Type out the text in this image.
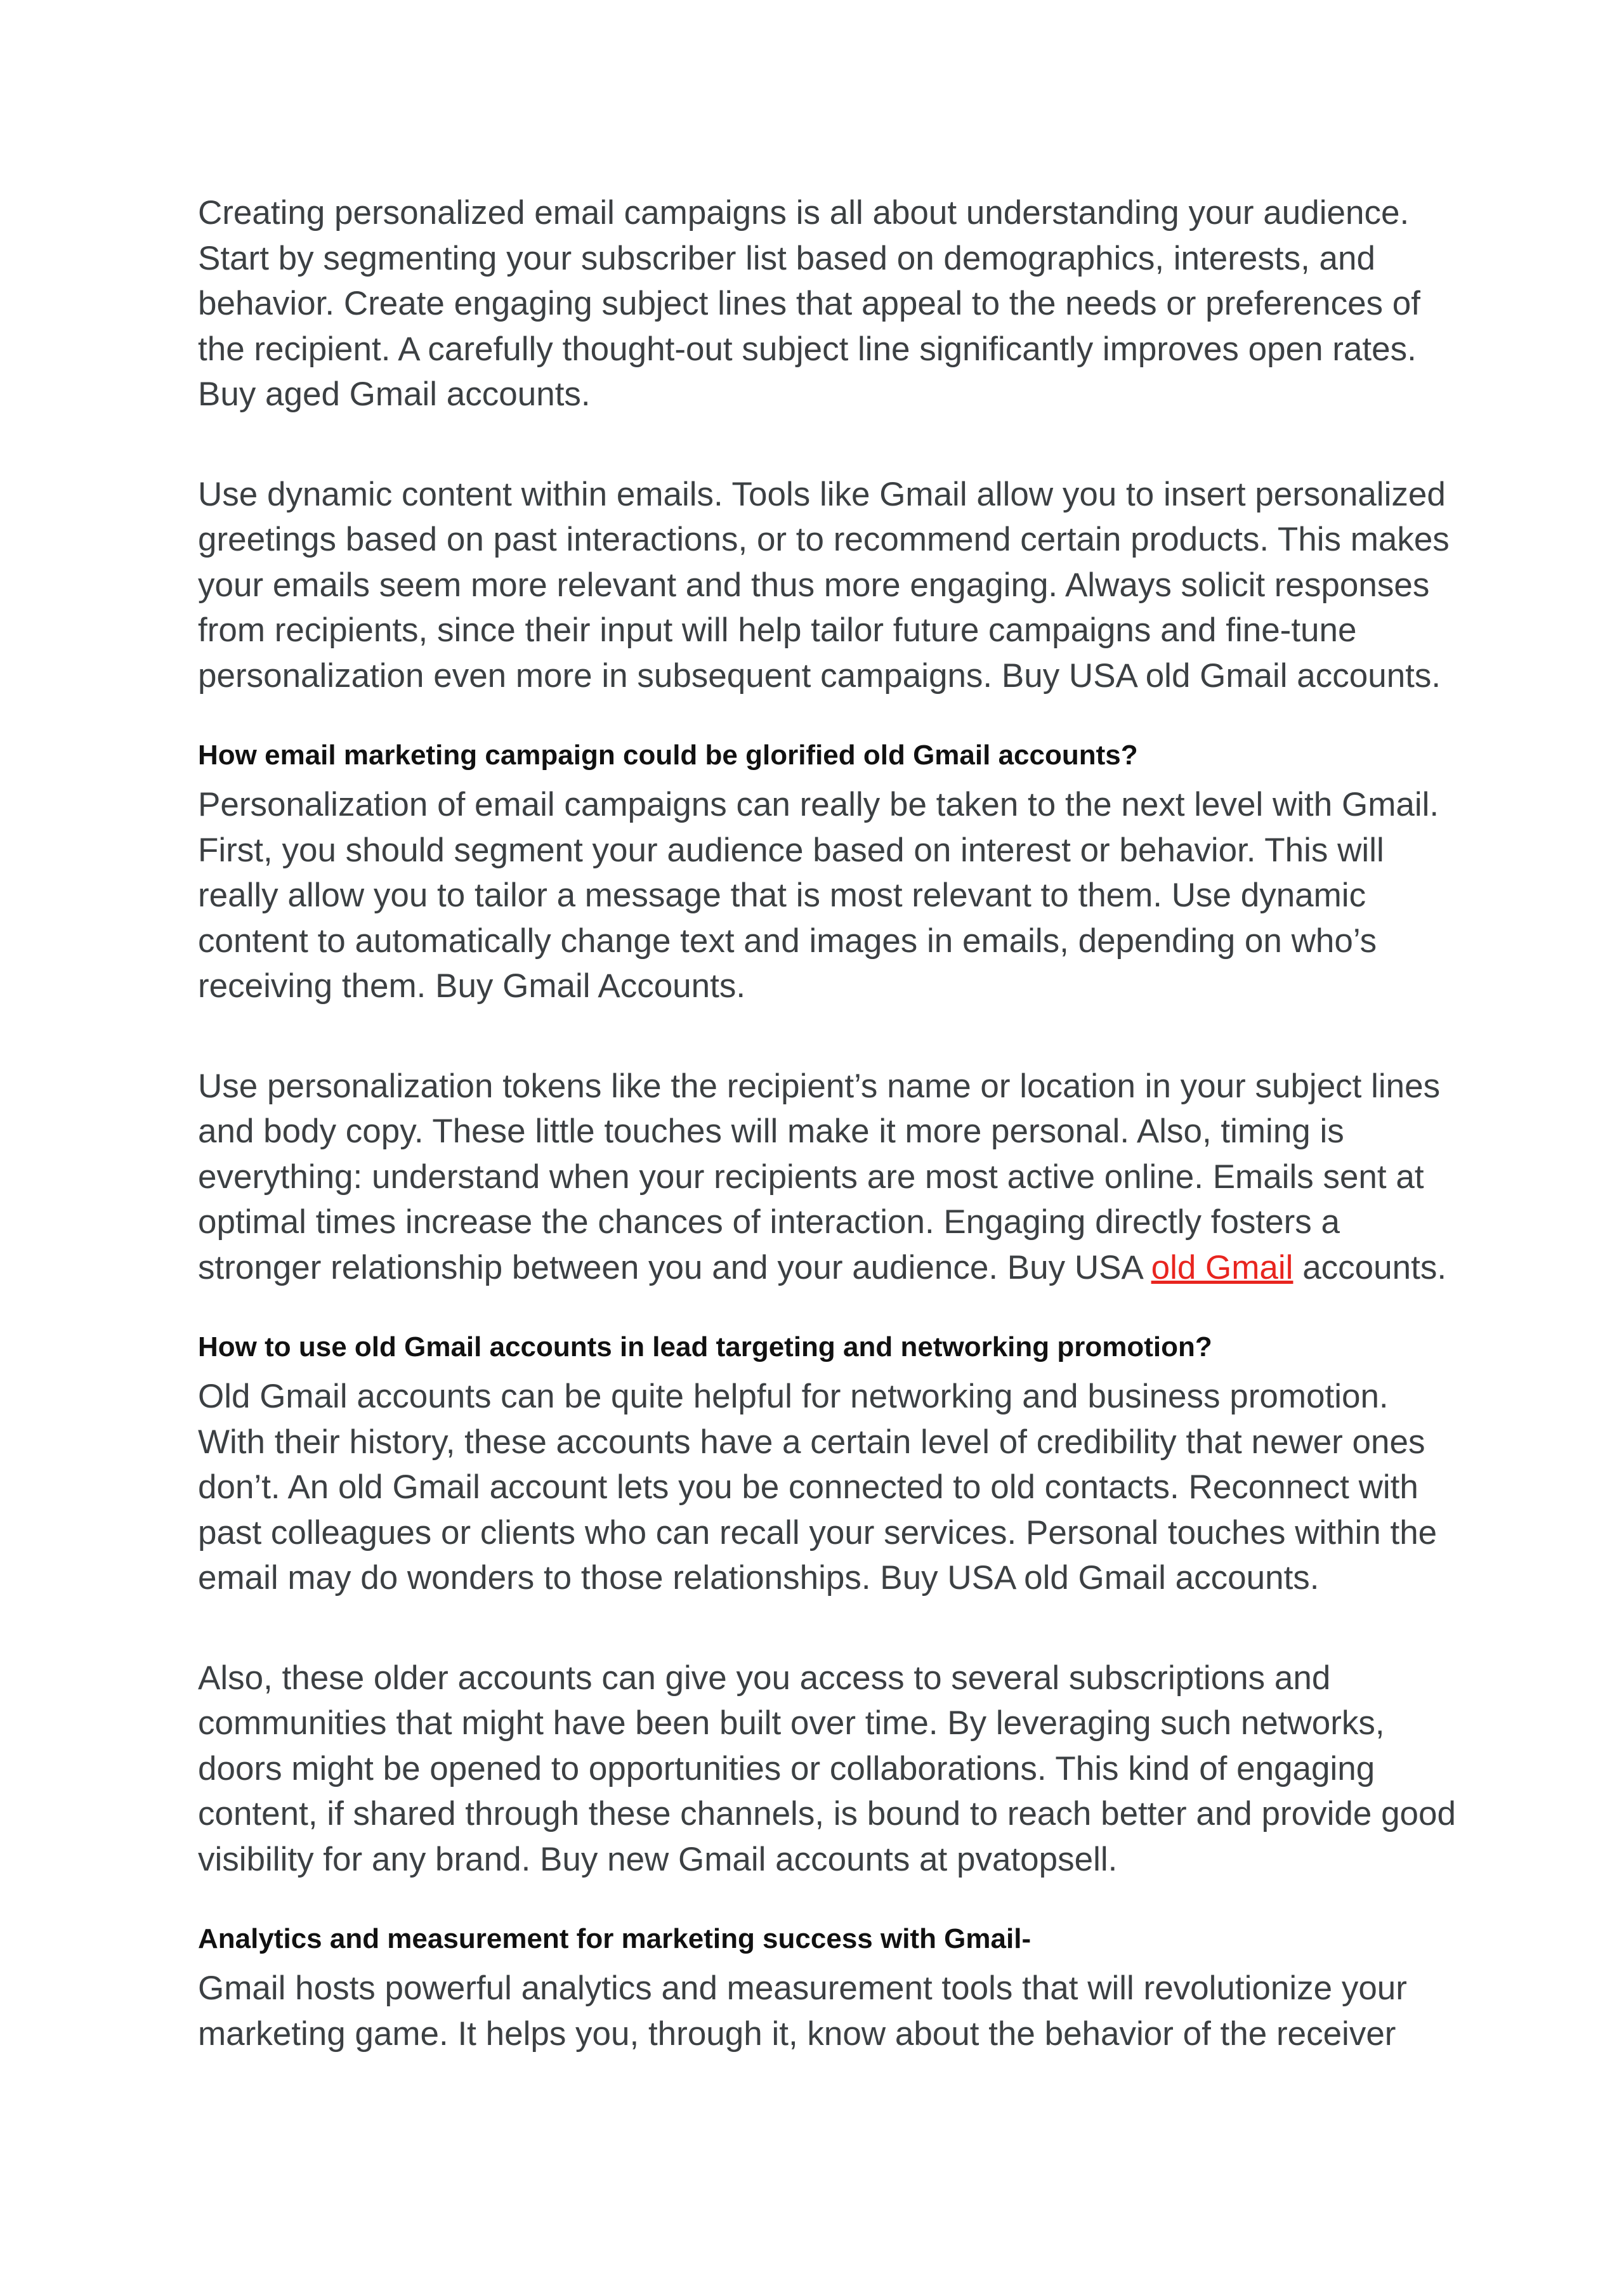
Creating personalized email campaigns is all about understanding your audience.
Start by segmenting your subscriber list based on demographics, interests, and
behavior. Create engaging subject lines that appeal to the needs or preferences of
the recipient. A carefully thought-out subject line significantly improves open rates.
Buy aged Gmail accounts.

Use dynamic content within emails. Tools like Gmail allow you to insert personalized
greetings based on past interactions, or to recommend certain products. This makes
your emails seem more relevant and thus more engaging. Always solicit responses
from recipients, since their input will help tailor future campaigns and fine-tune
personalization even more in subsequent campaigns. Buy USA old Gmail accounts.

How email marketing campaign could be glorified old Gmail accounts?

Personalization of email campaigns can really be taken to the next level with Gmail.
First, you should segment your audience based on interest or behavior. This will
really allow you to tailor a message that is most relevant to them. Use dynamic
content to automatically change text and images in emails, depending on who’s
receiving them. Buy Gmail Accounts.

Use personalization tokens like the recipient’s name or location in your subject lines
and body copy. These little touches will make it more personal. Also, timing is
everything: understand when your recipients are most active online. Emails sent at
optimal times increase the chances of interaction. Engaging directly fosters a
stronger relationship between you and your audience. Buy USA old Gmail accounts.

How to use old Gmail accounts in lead targeting and networking promotion?

Old Gmail accounts can be quite helpful for networking and business promotion.
With their history, these accounts have a certain level of credibility that newer ones
don’t. An old Gmail account lets you be connected to old contacts. Reconnect with
past colleagues or clients who can recall your services. Personal touches within the
email may do wonders to those relationships. Buy USA old Gmail accounts.

Also, these older accounts can give you access to several subscriptions and
communities that might have been built over time. By leveraging such networks,
doors might be opened to opportunities or collaborations. This kind of engaging
content, if shared through these channels, is bound to reach better and provide good
visibility for any brand. Buy new Gmail accounts at pvatopsell.

Analytics and measurement for marketing success with Gmail-

Gmail hosts powerful analytics and measurement tools that will revolutionize your
marketing game. It helps you, through it, know about the behavior of the receiver
